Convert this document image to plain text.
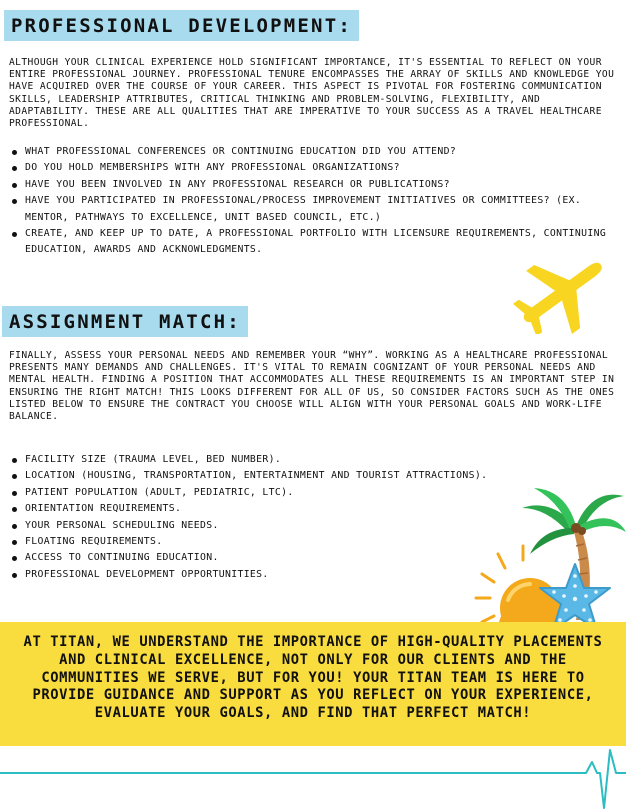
PROFESSIONAL DEVELOPMENT:

ALTHOUGH YOUR CLINICAL EXPERIENCE HOLD SIGNIFICANT IMPORTANCE, IT'S ESSENTIAL TO REFLECT ON YOUR ENTIRE PROFESSIONAL JOURNEY. PROFESSIONAL TENURE ENCOMPASSES THE ARRAY OF SKILLS AND KNOWLEDGE YOU HAVE ACQUIRED OVER THE COURSE OF YOUR CAREER. THIS ASPECT IS PIVOTAL FOR FOSTERING COMMUNICATION SKILLS, LEADERSHIP ATTRIBUTES, CRITICAL THINKING AND PROBLEM-SOLVING, FLEXIBILITY, AND ADAPTABILITY. THESE ARE ALL QUALITIES THAT ARE IMPERATIVE TO YOUR SUCCESS AS A TRAVEL HEALTHCARE PROFESSIONAL.

WHAT PROFESSIONAL CONFERENCES OR CONTINUING EDUCATION DID YOU ATTEND?
DO YOU HOLD MEMBERSHIPS WITH ANY PROFESSIONAL ORGANIZATIONS?
HAVE YOU BEEN INVOLVED IN ANY PROFESSIONAL RESEARCH OR PUBLICATIONS?
HAVE YOU PARTICIPATED IN PROFESSIONAL/PROCESS IMPROVEMENT INITIATIVES OR COMMITTEES? (EX. MENTOR, PATHWAYS TO EXCELLENCE, UNIT BASED COUNCIL, ETC.)
CREATE, AND KEEP UP TO DATE, A PROFESSIONAL PORTFOLIO WITH LICENSURE REQUIREMENTS, CONTINUING EDUCATION, AWARDS AND ACKNOWLEDGMENTS.
ASSIGNMENT MATCH:

FINALLY, ASSESS YOUR PERSONAL NEEDS AND REMEMBER YOUR “WHY”. WORKING AS A HEALTHCARE PROFESSIONAL PRESENTS MANY DEMANDS AND CHALLENGES. IT'S VITAL TO REMAIN COGNIZANT OF YOUR PERSONAL NEEDS AND MENTAL HEALTH. FINDING A POSITION THAT ACCOMMODATES ALL THESE REQUIREMENTS IS AN IMPORTANT STEP IN ENSURING THE RIGHT MATCH! THIS LOOKS DIFFERENT FOR ALL OF US, SO CONSIDER FACTORS SUCH AS THE ONES LISTED BELOW TO ENSURE THE CONTRACT YOU CHOOSE WILL ALIGN WITH YOUR PERSONAL GOALS AND WORK-LIFE BALANCE.

FACILITY SIZE (TRAUMA LEVEL, BED NUMBER).
LOCATION (HOUSING, TRANSPORTATION, ENTERTAINMENT AND TOURIST ATTRACTIONS).
PATIENT POPULATION (ADULT, PEDIATRIC, LTC).
ORIENTATION REQUIREMENTS.
YOUR PERSONAL SCHEDULING NEEDS.
FLOATING REQUIREMENTS.
ACCESS TO CONTINUING EDUCATION.
PROFESSIONAL DEVELOPMENT OPPORTUNITIES.

AT TITAN, WE UNDERSTAND THE IMPORTANCE OF HIGH-QUALITY PLACEMENTS AND CLINICAL EXCELLENCE, NOT ONLY FOR OUR CLIENTS AND THE COMMUNITIES WE SERVE, BUT FOR YOU! YOUR TITAN TEAM IS HERE TO PROVIDE GUIDANCE AND SUPPORT AS YOU REFLECT ON YOUR EXPERIENCE, EVALUATE YOUR GOALS, AND FIND THAT PERFECT MATCH!
